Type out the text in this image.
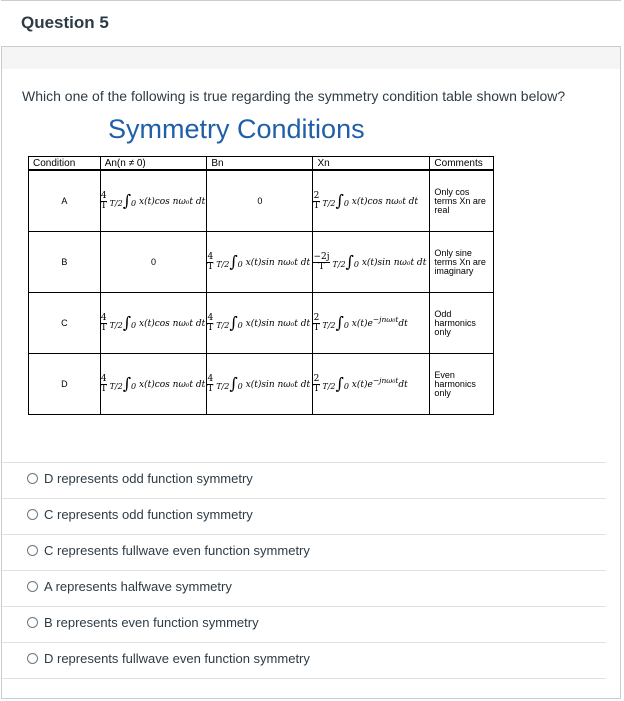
Question 5
Which one of the following is true regarding the symmetry condition table shown below?
Symmetry Conditions
Condition	An(n ≠ 0)	Bn	Xn	Comments
A	$\frac{4}{T} T/2\int 0$ x(t)cos nω₀t dt	0	$\frac{2}{T} T/2\int 0$ x(t)cos nω₀t dt	Only cos terms Xn are real
B	0	$\frac{4}{T} T/2\int 0$ x(t)sin nω₀t dt	$\frac{-2j}{T} T/2\int 0$ x(t)sin nω₀t dt	Only sine terms Xn are imaginary
C	$\frac{4}{T} T/2\int 0$ x(t)cos nω₀t dt	$\frac{4}{T} T/2\int 0$ x(t)sin nω₀t dt	$\frac{2}{T} T/2\int 0$ $x(t)e^{-jn\omega_0t}dt$	Odd harmonics only
D	$\frac{4}{T} T/2\int 0$ x(t)cos nω₀t dt	$\frac{4}{T} T/2\int 0$ x(t)sin nω₀t dt	$\frac{2}{T} T/2\int 0$ $x(t)e^{-jn\omega_0t}dt$	Even harmonics only
D represents odd function symmetry
C represents odd function symmetry
C represents fullwave even function symmetry
A represents halfwave symmetry
B represents even function symmetry
D represents fullwave even function symmetry
